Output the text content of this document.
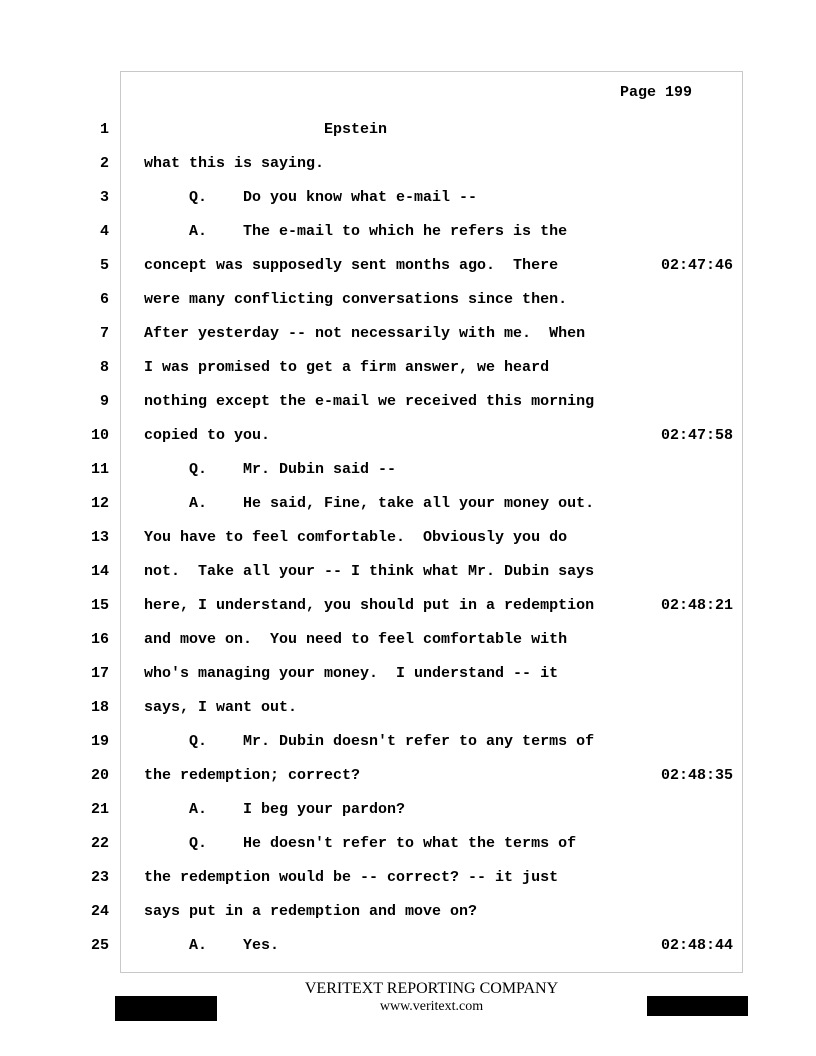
Page 199
1 Epstein
2 what this is saying.
3 Q.    Do you know what e-mail --
4 A.    The e-mail to which he refers is the
5 concept was supposedly sent months ago.  There	02:47:46
6 were many conflicting conversations since then.
7 After yesterday -- not necessarily with me.  When
8 I was promised to get a firm answer, we heard
9 nothing except the e-mail we received this morning
10 copied to you.	02:47:58
11 Q.    Mr. Dubin said --
12 A.    He said, Fine, take all your money out.
13 You have to feel comfortable.  Obviously you do
14 not.  Take all your -- I think what Mr. Dubin says
15 here, I understand, you should put in a redemption	02:48:21
16 and move on.  You need to feel comfortable with
17 who's managing your money.  I understand -- it
18 says, I want out.
19 Q.    Mr. Dubin doesn't refer to any terms of
20 the redemption; correct?	02:48:35
21 A.    I beg your pardon?
22 Q.    He doesn't refer to what the terms of
23 the redemption would be -- correct? -- it just
24 says put in a redemption and move on?
25 A.    Yes.	02:48:44
VERITEXT REPORTING COMPANY
www.veritext.com
